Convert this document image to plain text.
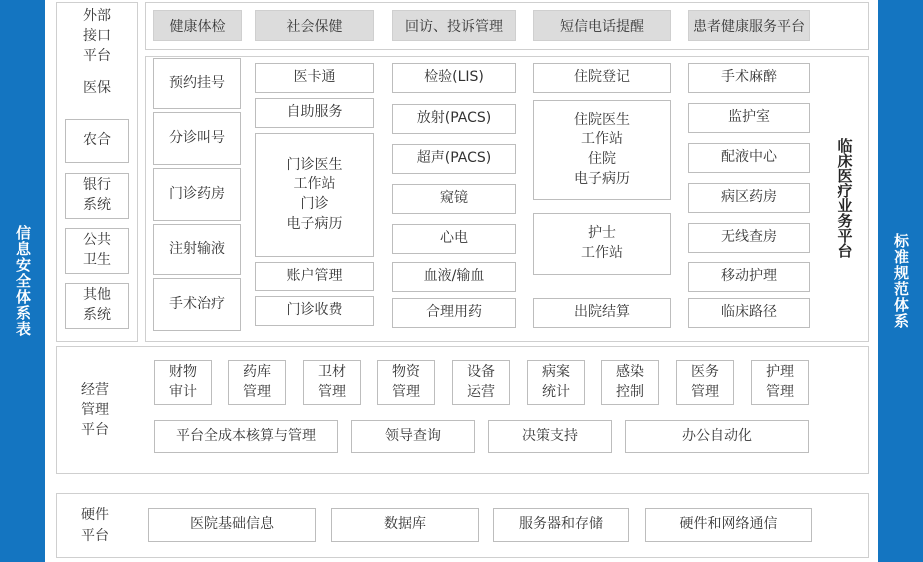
信息安全体系表	标准规范体系
外部
接口
平台
医保
农合
银行
系统
公共
卫生
其他
系统
健康体检	社会保健	回访、投诉管理	短信电话提醒	患者健康服务平台
预约挂号
分诊叫号
门诊药房
注射输液
手术治疗
医卡通
自助服务
门诊医生
工作站
门诊
电子病历
账户管理
门诊收费
检验(LIS)
放射(PACS)
超声(PACS)
窥镜
心电
血液/输血
合理用药
住院登记
住院医生
工作站
住院
电子病历
护士
工作站
出院结算
手术麻醉
监护室
配液中心
病区药房
无线查房
移动护理
临床路径
临床医疗业务平台
经营
管理
平台
财物
审计
药库
管理
卫材
管理
物资
管理
设备
运营
病案
统计
感染
控制
医务
管理
护理
管理
平台全成本核算与管理	领导查询	决策支持	办公自动化
硬件
平台
医院基础信息	数据库	服务器和存储	硬件和网络通信
